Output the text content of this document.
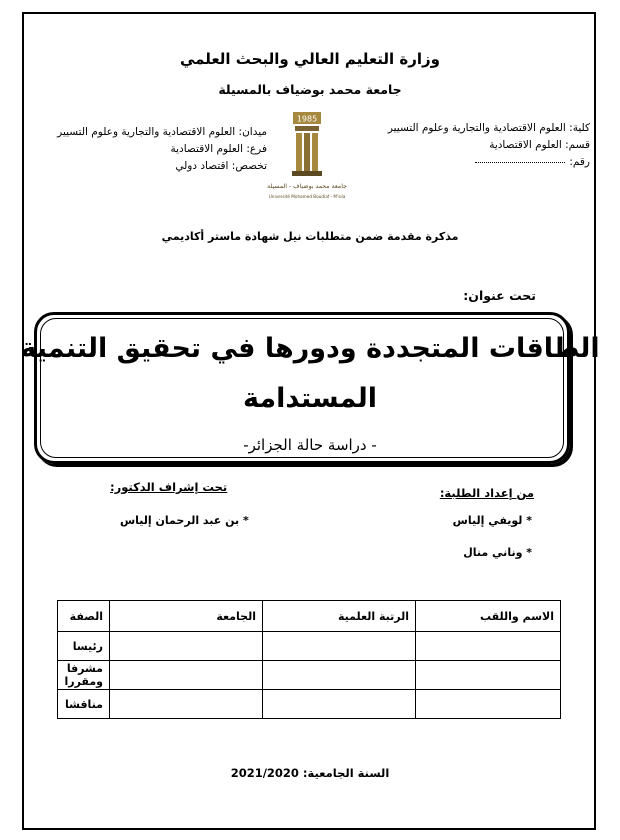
وزارة التعليم العالي والبحث العلمي
جامعة محمد بوضياف بالمسيلة
كلية: العلوم الاقتصادية والتجارية وعلوم التسيير
قسم: العلوم الاقتصادية
رقم:
ميدان: العلوم الاقتصادية والتجارية وعلوم التسيير
فرع: العلوم الاقتصادية
تخصص: اقتصاد دولي
1985
جامعة محمد بوضياف - المسيلة
Université Mohamed Boudiaf - M'sila
مذكرة مقدمة ضمن متطلبات نيل شهادة ماستر أكاديمي
تحت عنوان:
الطاقات المتجددة ودورها في تحقيق التنمية
المستدامة
- دراسة حالة الجزائر-
من إعداد الطلبة:
تحت إشراف الدكتور:
* لويفي إلياس
* وناني منال
* بن عبد الرحمان إلياس
الاسم واللقب	الرتبة العلمية	الجامعة	الصفة
			رئيسا
			مشرفا ومقررا
			مناقشا
السنة الجامعية: 2021/2020
